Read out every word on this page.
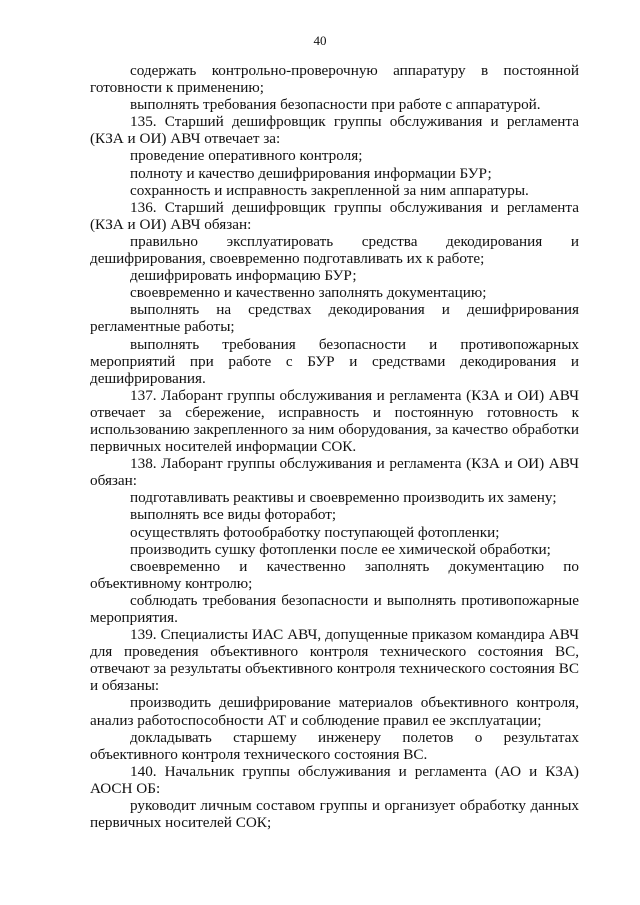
40

содержать контрольно-проверочную аппаратуру в постоянной готовности к применению;

выполнять требования безопасности при работе с аппаратурой.

135. Старший дешифровщик группы обслуживания и регламента (КЗА и ОИ) АВЧ отвечает за:

проведение оперативного контроля;

полноту и качество дешифрирования информации БУР;

сохранность и исправность закрепленной за ним аппаратуры.

136. Старший дешифровщик группы обслуживания и регламента (КЗА и ОИ) АВЧ обязан:

правильно эксплуатировать средства декодирования и дешифрирования, своевременно подготавливать их к работе;

дешифрировать информацию БУР;

своевременно и качественно заполнять документацию;

выполнять на средствах декодирования и дешифрирования регламентные работы;

выполнять требования безопасности и противопожарных мероприятий при работе с БУР и средствами декодирования и дешифрирования.

137. Лаборант группы обслуживания и регламента (КЗА и ОИ) АВЧ отвечает за сбережение, исправность и постоянную готовность к использованию закрепленного за ним оборудования, за качество обработки первичных носителей информации СОК.

138. Лаборант группы обслуживания и регламента (КЗА и ОИ) АВЧ обязан:

подготавливать реактивы и своевременно производить их замену;

выполнять все виды фоторабот;

осуществлять фотообработку поступающей фотопленки;

производить сушку фотопленки после ее химической обработки;

своевременно и качественно заполнять документацию по объективному контролю;

соблюдать требования безопасности и выполнять противопожарные мероприятия.

139. Специалисты ИАС АВЧ, допущенные приказом командира АВЧ для проведения объективного контроля технического состояния ВС, отвечают за результаты объективного контроля технического состояния ВС и обязаны:

производить дешифрирование материалов объективного контроля, анализ работоспособности АТ и соблюдение правил ее эксплуатации;

докладывать старшему инженеру полетов о результатах объективного контроля технического состояния ВС.

140. Начальник группы обслуживания и регламента (АО и КЗА) АОСН ОБ:

руководит личным составом группы и организует обработку данных первичных носителей СОК;
